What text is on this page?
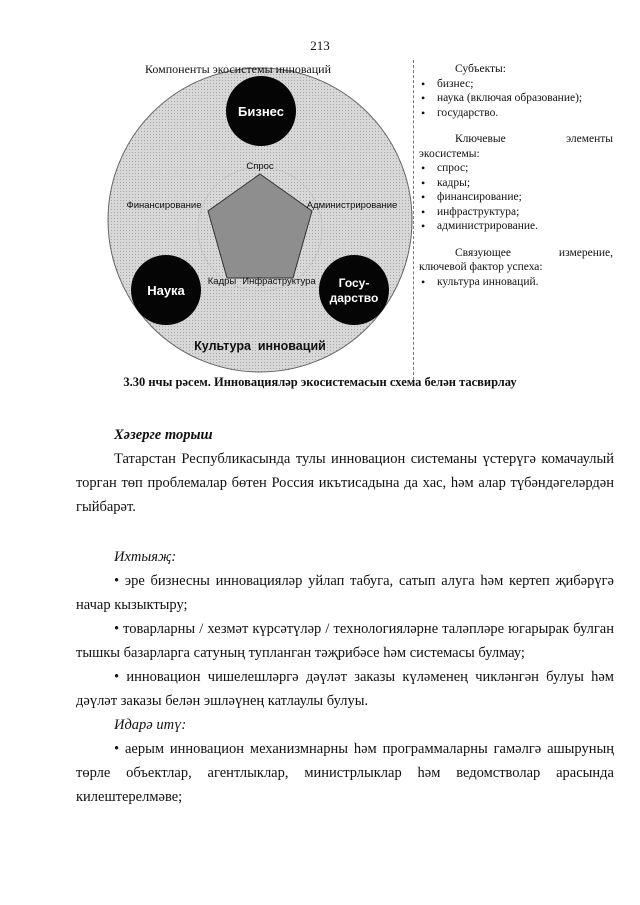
213
Бизнес
Наука	Госу-
дарство
Спрос
Финансирование	Администрирование
Кадры Инфраструктура
Культура  инноваций
Компоненты экосистемы инноваций	Субъекты:
• бизнес;
• наука (включая образование);
• государство.
Ключевые элементы
экосистемы:
• спрос;
• кадры;
• финансирование;
• инфраструктура;
• администрирование.
Связующее измерение,
ключевой фактор успеха:
• культура инноваций.
3.30 нчы рәсем. Инновацияләр экосистемасын схема белән тасвирлау
Хәзерге торыш
Татарстан Республикасында тулы инновацион системаны үстерүгә комачаулый торган төп проблемалар бөтен Россия икътисадына да хас, һәм алар түбәндәгеләрдән гыйбарәт.
Ихтыяҗ:
• эре бизнесны инновацияләр уйлап табуга, сатып алуга һәм кертеп җибәрүгә начар кызыктыру;
• товарларны / хезмәт күрсәтүләр / технологияләрне таләпләре югарырак булган тышкы базарларга сатуның тупланган тәҗрибәсе һәм системасы булмау;
• инновацион чишелешләргә дәүләт заказы күләменең чикләнгән булуы һәм дәүләт заказы белән эшләүнең катлаулы булуы.
Идарә итү:
• аерым инновацион механизмнарны һәм программаларны гамәлгә ашыруның төрле объектлар, агентлыклар, министрлыклар һәм ведомстволар арасында килештерелмәве;
